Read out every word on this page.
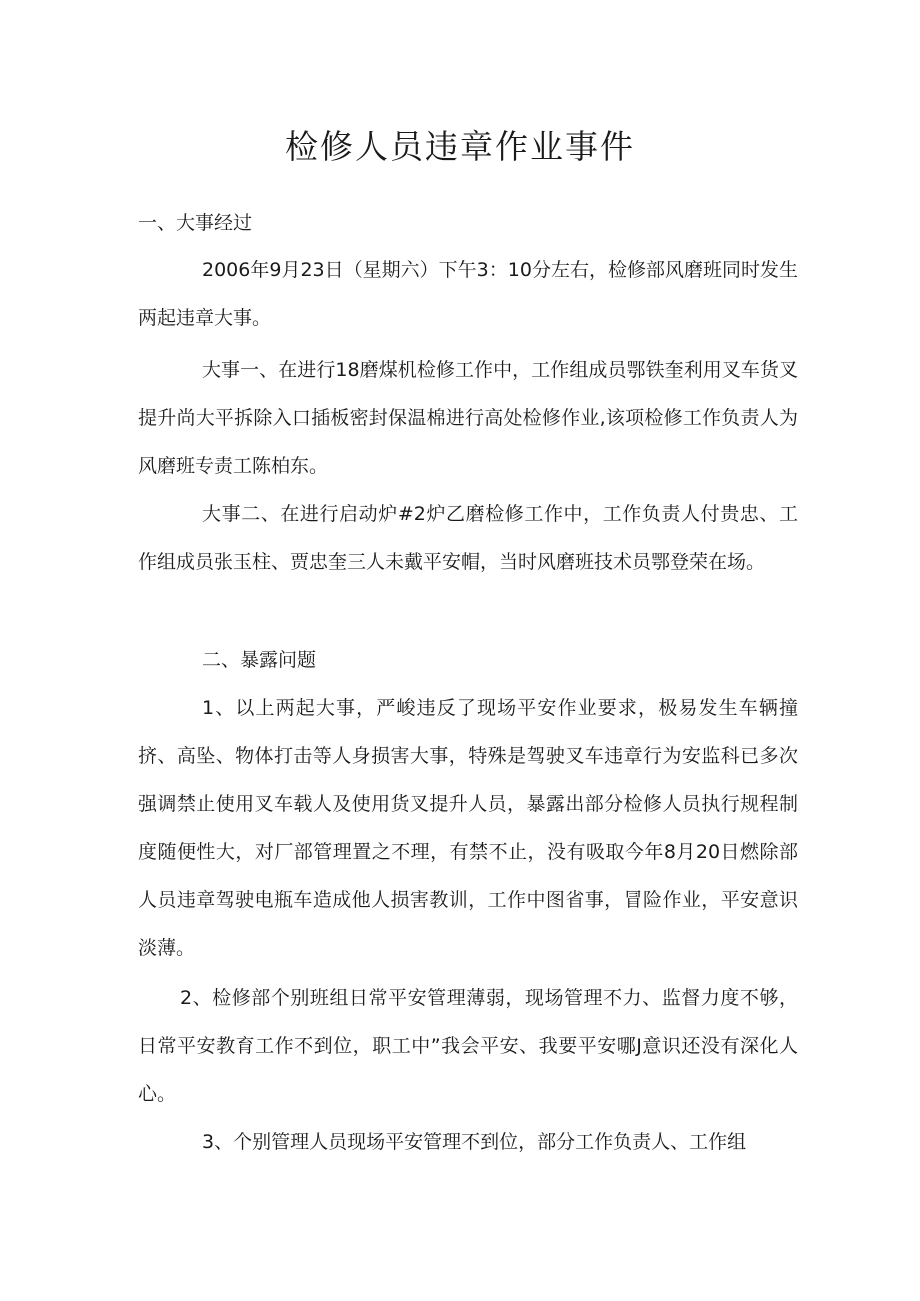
检修人员违章作业事件

一、大事经过

2006年9月23日（星期六）下午3：10分左右，检修部风磨班同时发生两起违章大事。

大事一、在进行18磨煤机检修工作中，工作组成员鄂铁奎利用叉车货叉提升尚大平拆除入口插板密封保温棉进行高处检修作业,该项检修工作负责人为风磨班专责工陈柏东。

大事二、在进行启动炉#2炉乙磨检修工作中，工作负责人付贵忠、工作组成员张玉柱、贾忠奎三人未戴平安帽，当时风磨班技术员鄂登荣在场。

二、暴露问题

1、以上两起大事，严峻违反了现场平安作业要求，极易发生车辆撞挤、高坠、物体打击等人身损害大事，特殊是驾驶叉车违章行为安监科已多次强调禁止使用叉车载人及使用货叉提升人员，暴露出部分检修人员执行规程制度随便性大，对厂部管理置之不理，有禁不止，没有吸取今年8月20日燃除部人员违章驾驶电瓶车造成他人损害教训，工作中图省事，冒险作业，平安意识淡薄。

2、检修部个别班组日常平安管理薄弱，现场管理不力、监督力度不够，日常平安教育工作不到位，职工中”我会平安、我要平安哪J意识还没有深化人心。

3、个别管理人员现场平安管理不到位，部分工作负责人、工作组
